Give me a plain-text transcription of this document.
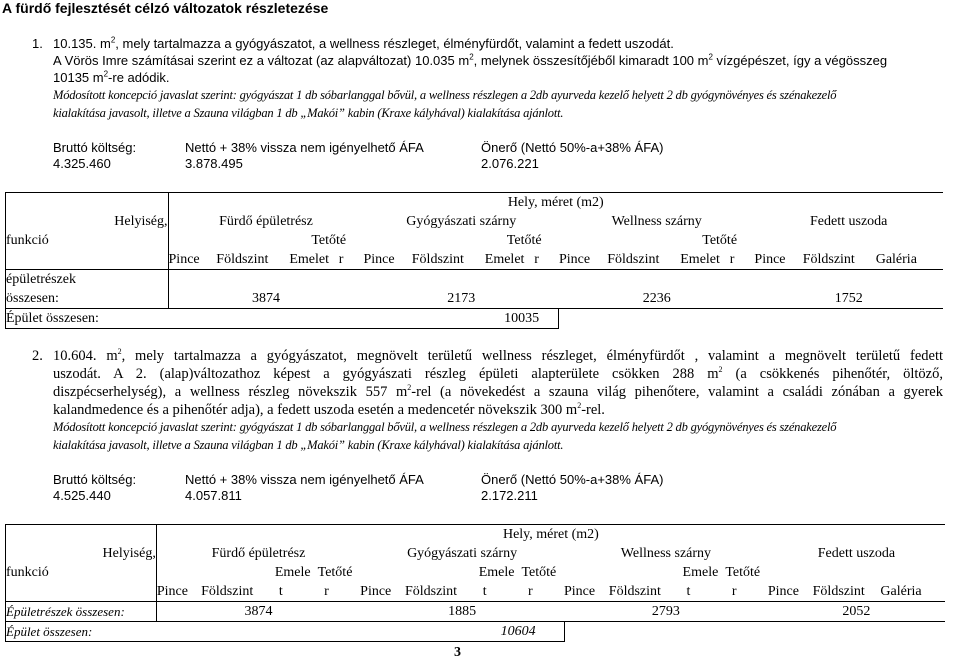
A fürdő fejlesztését célzó változatok részletezése
1. 10.135. $m^2$, mely tartalmazza a gyógyászatot, a wellness részleget, élményfürdőt, valamint a fedett uszodát.
A Vörös Imre számításai szerint ez a változat (az alapváltozat) 10.035 $m^2$, melynek összesítőjéből kimaradt 100 $m^2$ vízgépészet, így a végösszeg
10135 $m^2-re$ adódik.
Módosított koncepció javaslat szerint: gyógyászat 1 db sóbarlanggal bővül, a wellness részlegen a 2db ayurveda kezelő helyett 2 db gyógynövényes és szénakezelő
kialakítása javasolt, illetve a Szauna világban 1 db „Makói” kabin (Kraxe kályhával) kialakítása ajánlott.
Bruttó költség:	Nettó + 38% vissza nem igényelhető ÁFA	Önerő (Nettó 50%-a+38% ÁFA)
4.325.460	3.878.495	2.076.221
		Hely, méret (m2)														
	Helyiség,	Fürdő épületrész				Gyógyászati szárny				Wellness szárny				Fedett uszoda		
funkció				Tetőté				Tetőté				Tetőté				
		Pince	Földszint	Emelet	r	Pince	Földszint	Emelet	r	Pince	Földszint	Emelet	r	Pince	Földszint	Galéria
épületrészek																
összesen:		3874				2173				2236				1752		
Épület összesen:								10035								
2. 10.604. $m^2$, mely tartalmazza a gyógyászatot, megnövelt területű wellness részleget, élményfürdőt , valamint a megnövelt területű fedett
uszodát. A 2. (alap)változathoz képest a gyógyászati részleg épületi alapterülete csökken 288 $m^2$ (a csökkenés pihenőtér, öltöző,
diszpécserhelység), a wellness részleg növekszik 557 $m^2$-rel (a növekedést a szauna világ pihenőtere, valamint a családi zónában a gyerek
kalandmedence és a pihenőtér adja), a fedett uszoda esetén a medencetér növekszik 300 $m^2$-rel.
Módosított koncepció javaslat szerint: gyógyászat 1 db sóbarlanggal bővül, a wellness részlegen a 2db ayurveda kezelő helyett 2 db gyógynövényes és szénakezelő
kialakítása javasolt, illetve a Szauna világban 1 db „Makói” kabin (Kraxe kályhával) kialakítása ajánlott.
Bruttó költség:	Nettó + 38% vissza nem igényelhető ÁFA	Önerő (Nettó 50%-a+38% ÁFA)
4.525.440	4.057.811	2.172.211
		Hely, méret (m2)														
	Helyiség,	Fürdő épületrész				Gyógyászati szárny				Wellness szárny				Fedett uszoda		
funkció				Emele Tetőté				Emele Tetőté				Emele Tetőté				
		Pince	Földszint	t	r	Pince	Földszint	t	r	Pince	Földszint	t	r	Pince	Földszint	Galéria
Épületrészek összesen:		3874				1885				2793				2052		
Épület összesen:								10604								
3
